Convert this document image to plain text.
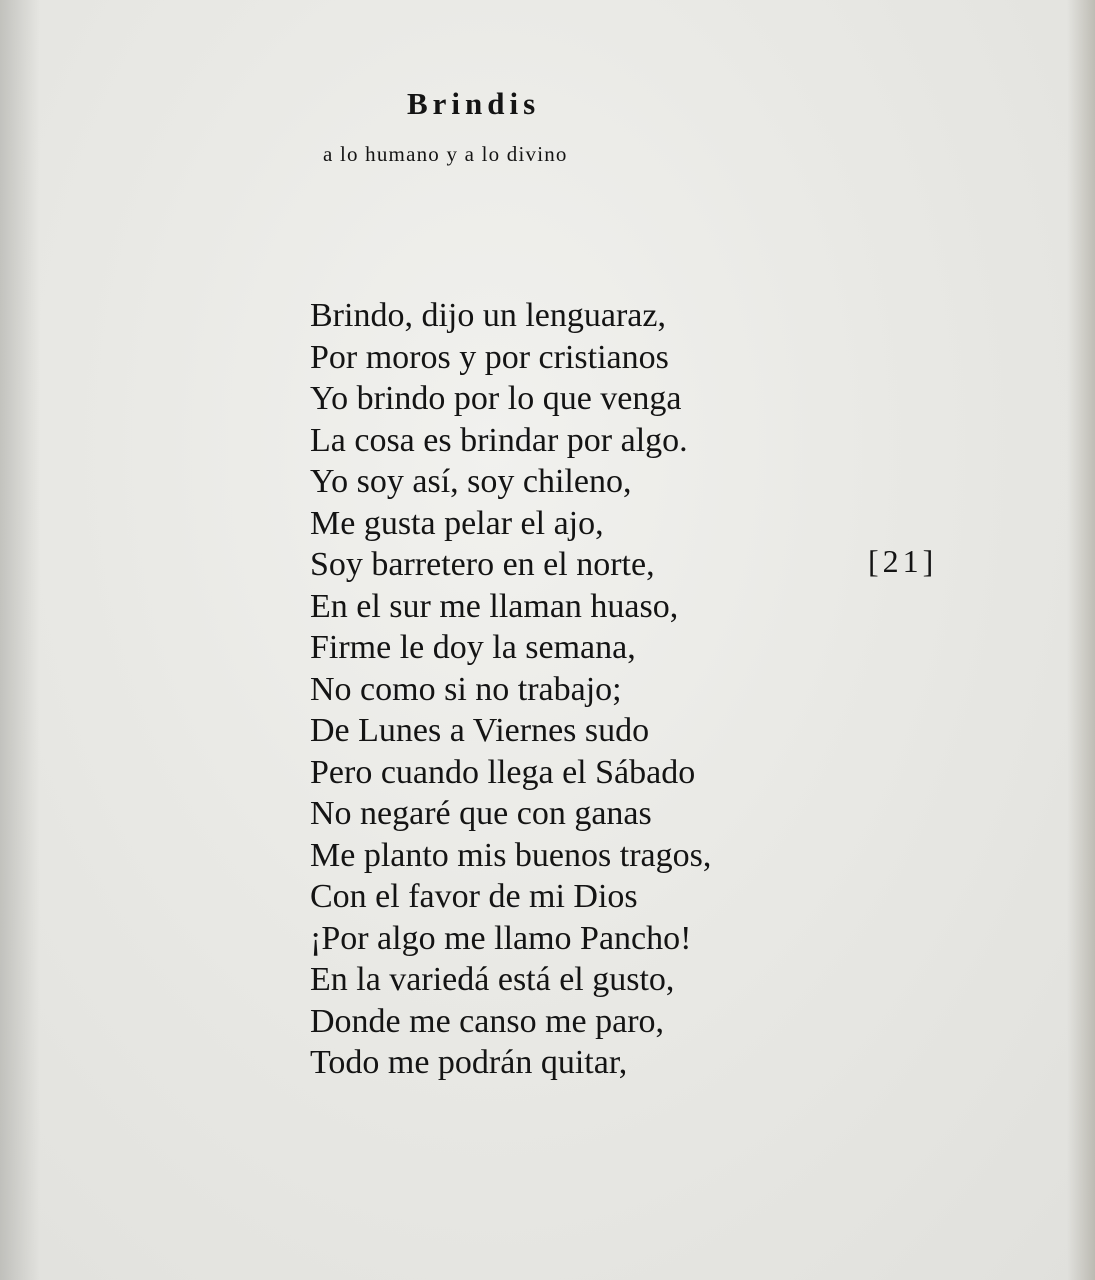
Brindis

a lo humano y a lo divino

Brindo, dijo un lenguaraz,
Por moros y por cristianos
Yo brindo por lo que venga
La cosa es brindar por algo.
Yo soy así, soy chileno,
Me gusta pelar el ajo,
Soy barretero en el norte,
En el sur me llaman huaso,
Firme le doy la semana,
No como si no trabajo;
De Lunes a Viernes sudo
Pero cuando llega el Sábado
No negaré que con ganas
Me planto mis buenos tragos,
Con el favor de mi Dios
¡Por algo me llamo Pancho!
En la variedá está el gusto,
Donde me canso me paro,
Todo me podrán quitar,
[21]
